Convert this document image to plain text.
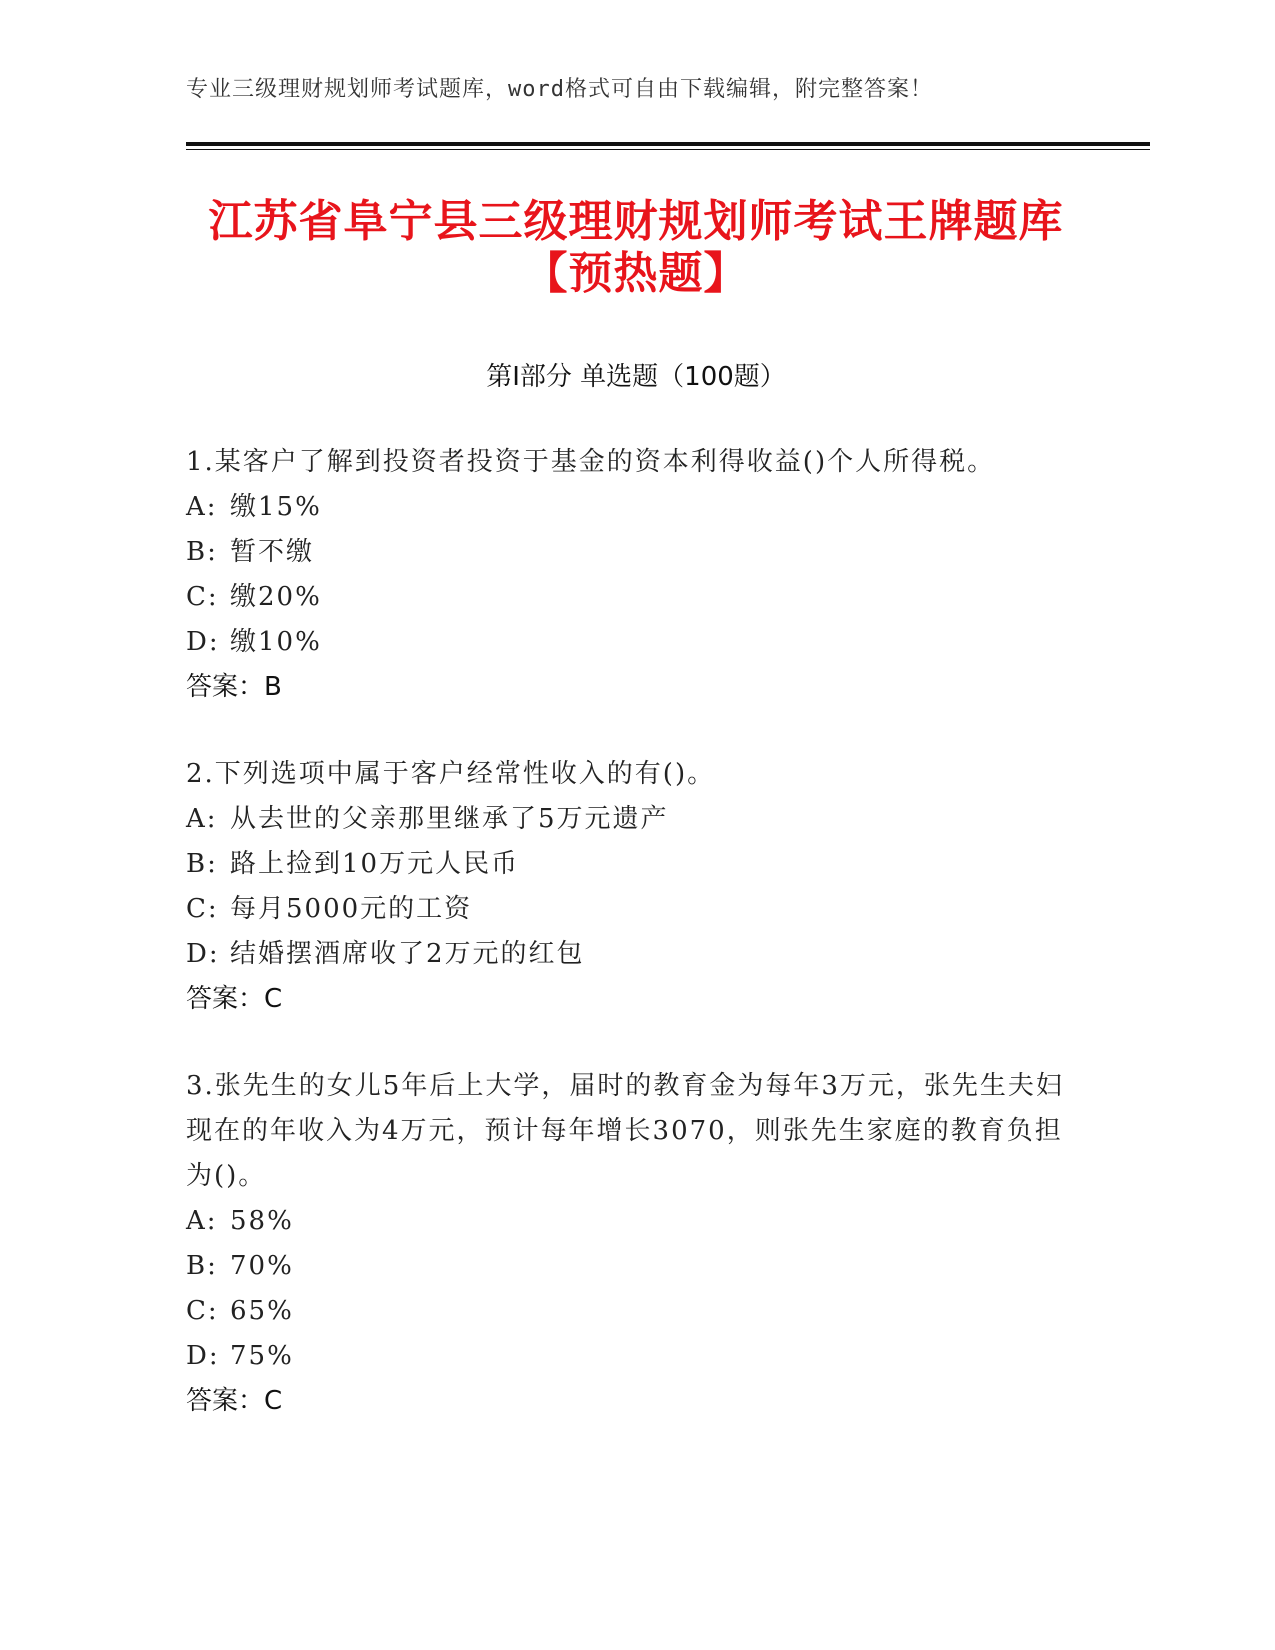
专业三级理财规划师考试题库，word格式可自由下载编辑，附完整答案！
江苏省阜宁县三级理财规划师考试王牌题库
【预热题】
第I部分 单选题（100题）
1.某客户了解到投资者投资于基金的资本利得收益()个人所得税。
A: 缴15%
B: 暂不缴
C: 缴20%
D: 缴10%
答案：B
2.下列选项中属于客户经常性收入的有()。
A: 从去世的父亲那里继承了5万元遗产
B: 路上捡到10万元人民币
C: 每月5000元的工资
D: 结婚摆酒席收了2万元的红包
答案：C
3.张先生的女儿5年后上大学，届时的教育金为每年3万元，张先生夫妇现在的年收入为4万元，预计每年增长3070，则张先生家庭的教育负担为()。
A: 58%
B: 70%
C: 65%
D: 75%
答案：C
